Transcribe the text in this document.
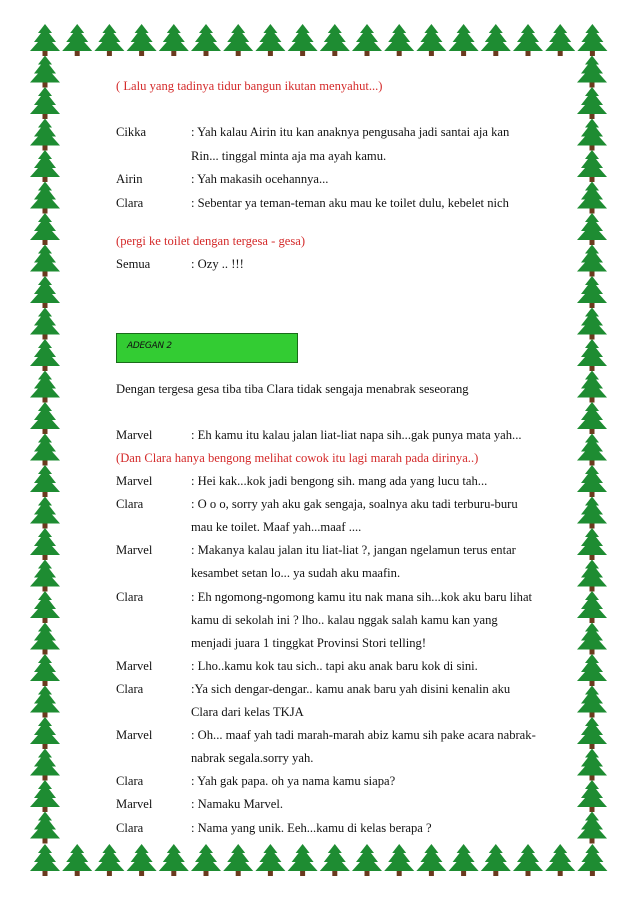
( Lalu yang tadinya tidur bangun ikutan menyahut...)
Cikka	: Yah kalau Airin itu kan anaknya pengusaha jadi santai aja kan
Rin... tinggal minta aja ma ayah kamu.
Airin	: Yah makasih ocehannya...
Clara	: Sebentar ya teman-teman aku mau ke toilet dulu, kebelet nich
(pergi ke toilet dengan tergesa - gesa)
Semua	: Ozy .. !!!
ADEGAN 2
Dengan tergesa gesa tiba tiba Clara tidak sengaja menabrak seseorang
Marvel	: Eh kamu itu kalau jalan liat-liat napa sih...gak punya mata yah...
(Dan Clara hanya bengong melihat cowok itu lagi marah pada dirinya..)
Marvel	: Hei kak...kok jadi bengong sih. mang ada yang lucu tah...
Clara	: O o o, sorry yah aku gak sengaja, soalnya aku tadi terburu-buru
mau ke toilet. Maaf yah...maaf ....
Marvel	: Makanya kalau jalan itu liat-liat ?, jangan ngelamun terus entar
kesambet setan lo... ya sudah aku maafin.
Clara	: Eh ngomong-ngomong kamu itu nak mana sih...kok aku baru lihat
kamu di sekolah ini ? lho.. kalau nggak salah kamu kan yang
menjadi juara 1 tinggkat Provinsi Stori telling!
Marvel	: Lho..kamu kok tau sich.. tapi aku anak baru kok di sini.
Clara	:Ya sich dengar-dengar.. kamu anak baru yah disini kenalin aku
Clara dari kelas TKJA
Marvel	: Oh... maaf yah tadi marah-marah abiz kamu sih pake acara nabrak-
nabrak segala.sorry yah.
Clara	: Yah gak papa. oh ya nama kamu siapa?
Marvel	: Namaku Marvel.
Clara	: Nama yang unik. Eeh...kamu di kelas berapa ?
